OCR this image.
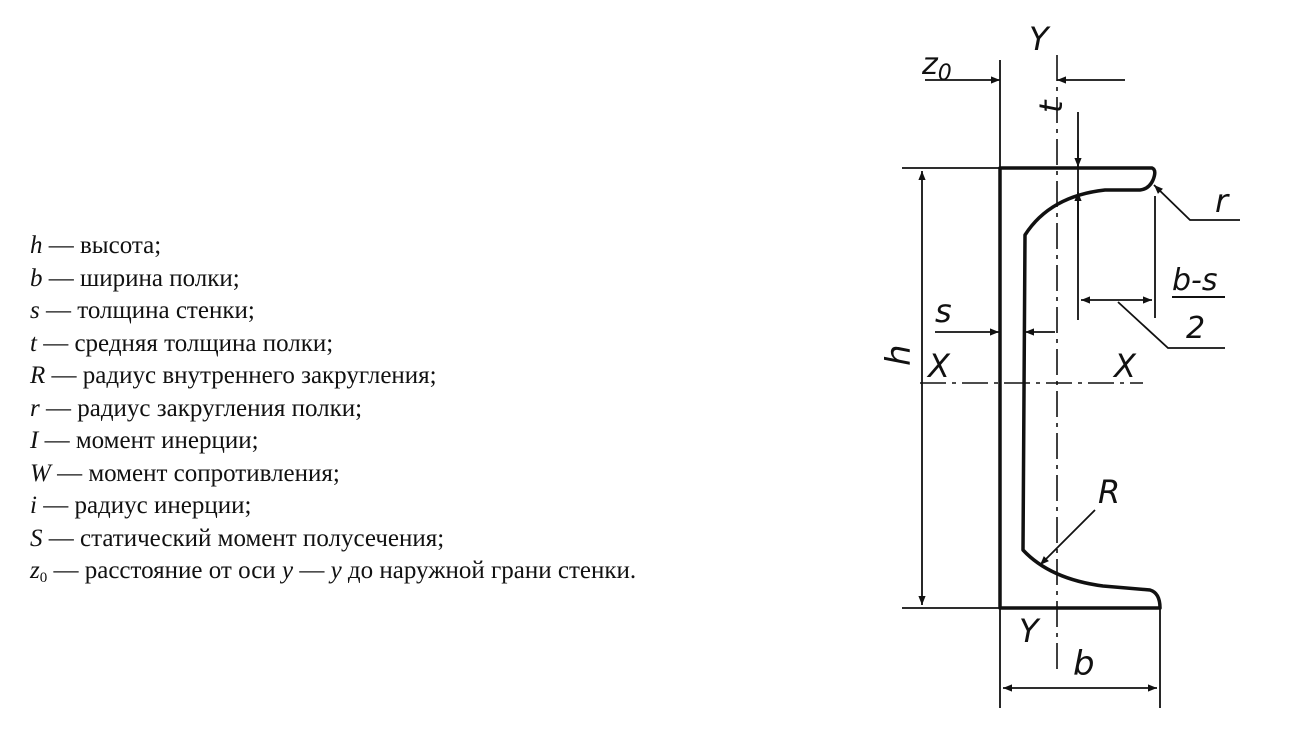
h — высота;
b — ширина полки;
s — толщина стенки;
t — средняя толщина полки;
R — радиус внутреннего закругления;
r — радиус закругления полки;
I — момент инерции;
W — момент сопротивления;
i — радиус инерции;
S — статический момент полусечения;
$z_0$ — расстояние от оси y — y до наружной грани стенки.
$z_0$
Y
t
r
b-s
2
s
h X	X
R
Y
b
